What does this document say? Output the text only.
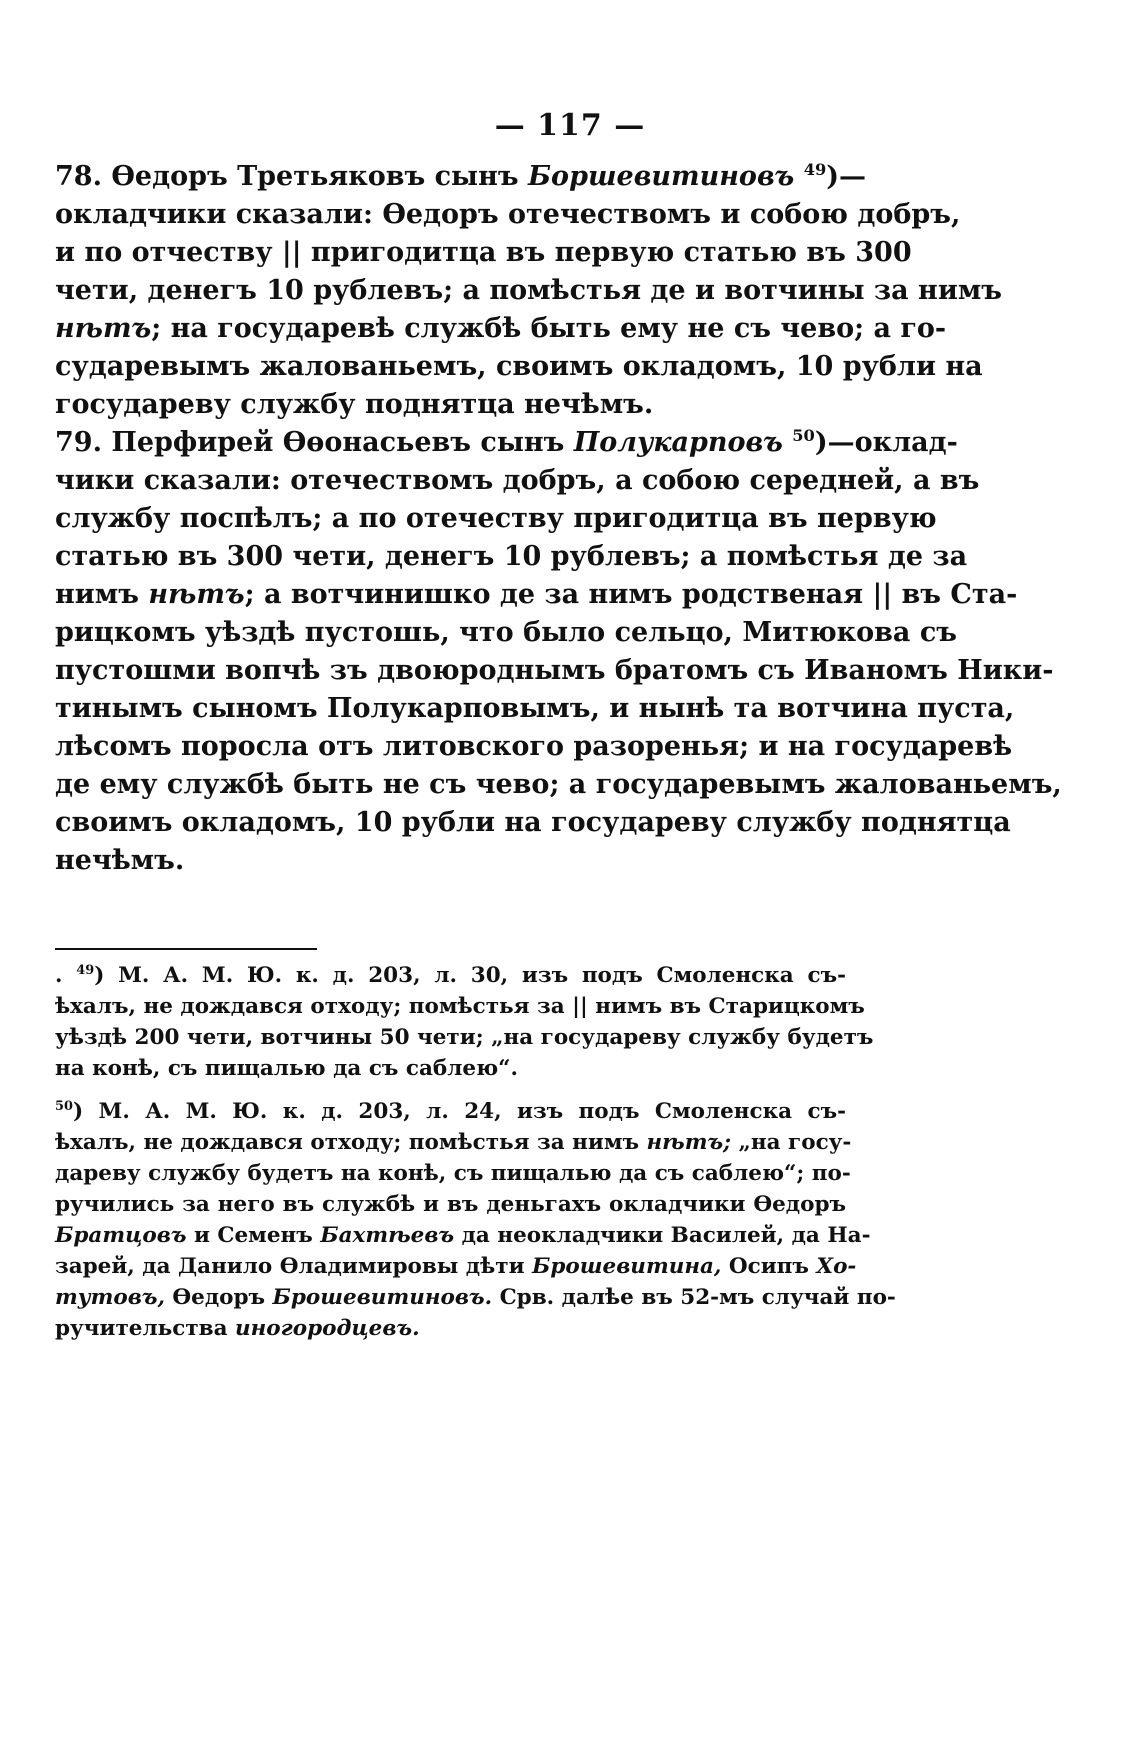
— 117 —
78. Өедоръ Третьяковъ сынъ Боршевитиновъ $^{49}$)—
окладчики сказали: Өедоръ отечествомъ и собою добръ,
и по отчеству || пригодитца въ первую статью въ 300
чети, денегъ 10 рублевъ; а помѣстья де и вотчины за нимъ
нѣтъ; на государевѣ службѣ быть ему не съ чево; а го-
сударевымъ жалованьемъ, своимъ окладомъ, 10 рубли на
государеву службу поднятца нечѣмъ.
79. Перфирей Өөонасьевъ сынъ Полукарповъ $^{50}$)—оклад-
чики сказали: отечествомъ добръ, а собою середней, а въ
службу поспѣлъ; а по отечеству пригодитца въ первую
статью въ 300 чети, денегъ 10 рублевъ; а помѣстья де за
нимъ нѣтъ; а вотчинишко де за нимъ родственая || въ Ста-
рицкомъ уѣздѣ пустошь, что было сельцо, Митюкова съ
пустошми вопчѣ зъ двоюроднымъ братомъ съ Иваномъ Ники-
тинымъ сыномъ Полукарповымъ, и нынѣ та вотчина пуста,
лѣсомъ поросла отъ литовского разоренья; и на государевѣ
де ему службѣ быть не съ чево; а государевымъ жалованьемъ,
своимъ окладомъ, 10 рубли на государеву службу поднятца
нечѣмъ.
. $^{49}$) М. А. М. Ю. к. д. 203, л. 30, изъ подъ Смоленска съ-
ѣхалъ, не дождався отходу; помѣстья за || нимъ въ Старицкомъ
уѣздѣ 200 чети, вотчины 50 чети; „на государеву службу будетъ
на конѣ, съ пищалью да съ саблею“.
$^{50}$) М. А. М. Ю. к. д. 203, л. 24, изъ подъ Смоленска съ-
ѣхалъ, не дождався отходу; помѣстья за нимъ нѣтъ; „на госу-
дареву службу будетъ на конѣ, съ пищалью да съ саблею“; по-
ручились за него въ службѣ и въ деньгахъ окладчики Өедоръ
Братцовъ и Семенъ Бахтѣевъ да неокладчики Василей, да На-
зарей, да Данило Өладимировы дѣти Брошевитина, Осипъ Хо-
тутовъ, Өедоръ Брошевитиновъ. Срв. далѣе въ 52-мъ случай по-
ручительства иногородцевъ.
